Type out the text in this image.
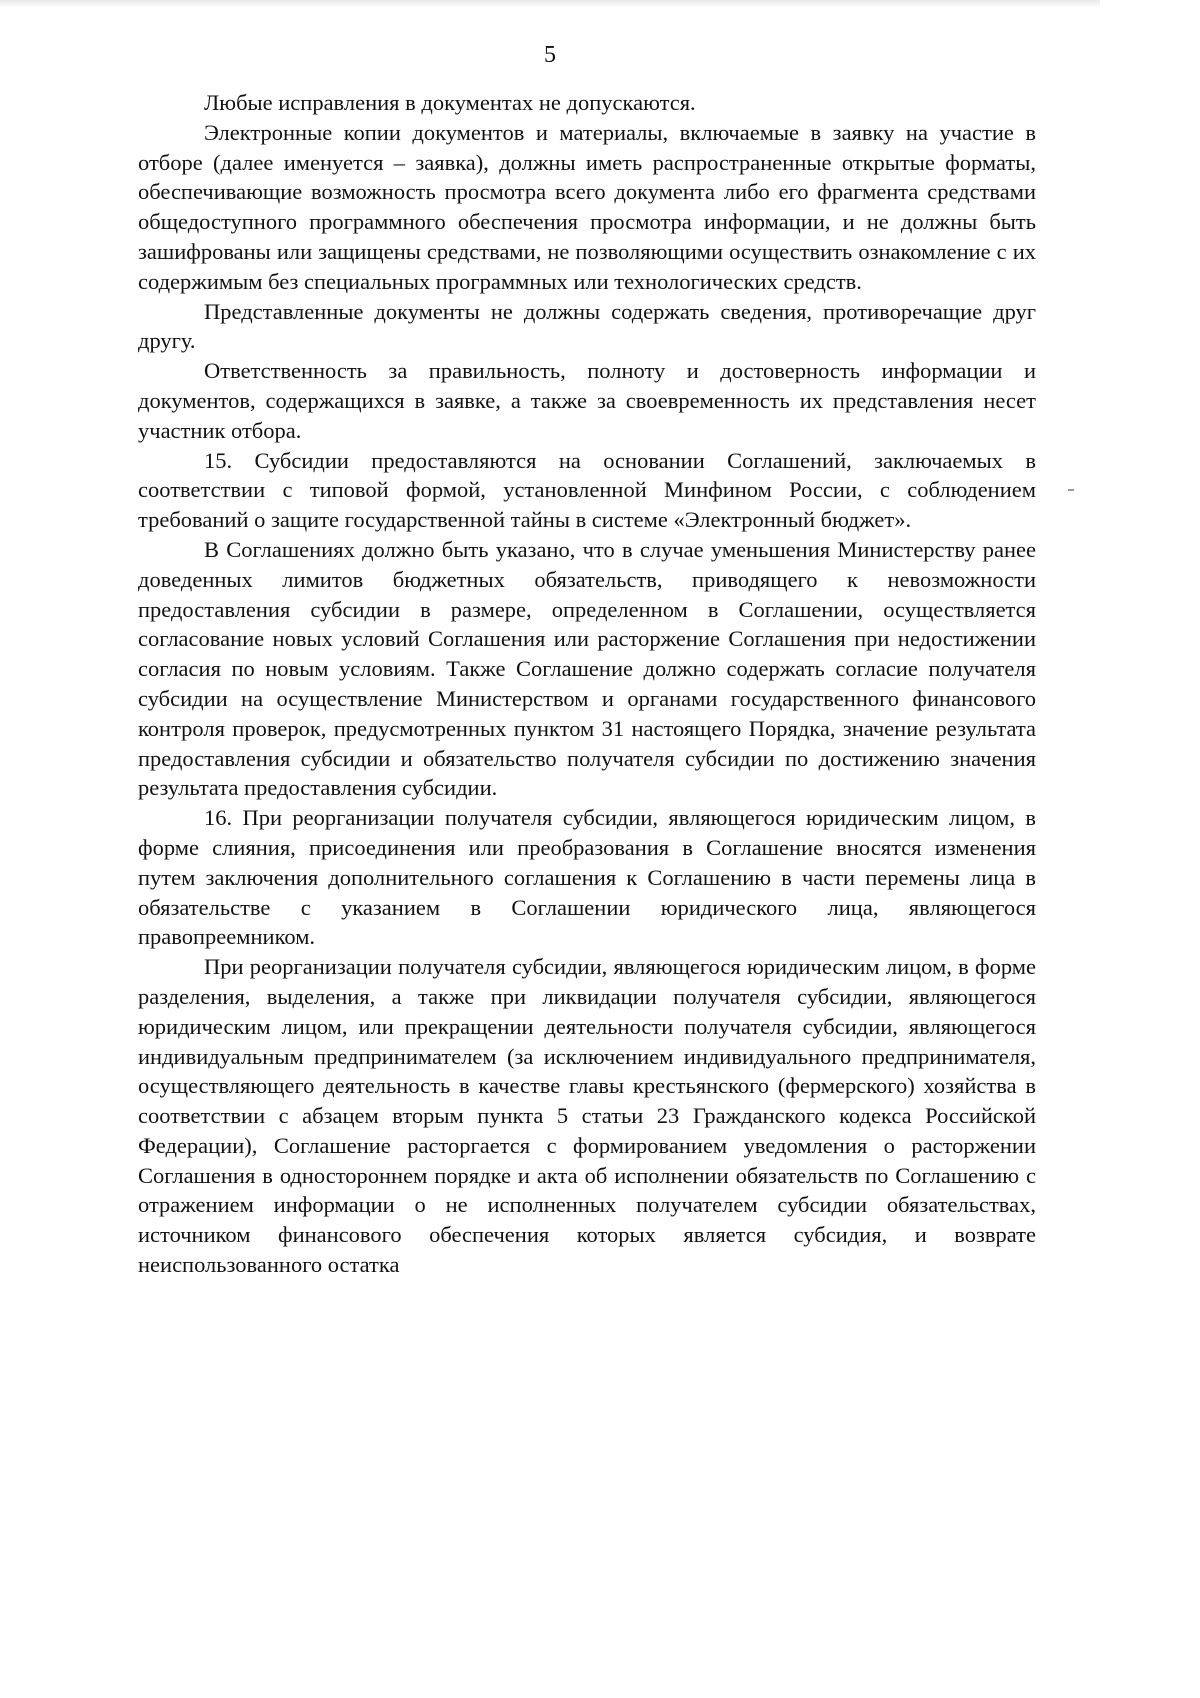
5

Любые исправления в документах не допускаются.

Электронные копии документов и материалы, включаемые в заявку на участие в отборе (далее именуется – заявка), должны иметь распространенные открытые форматы, обеспечивающие возможность просмотра всего документа либо его фрагмента средствами общедоступного программного обеспечения просмотра информации, и не должны быть зашифрованы или защищены средствами, не позволяющими осуществить ознакомление с их содержимым без специальных программных или технологических средств.

Представленные документы не должны содержать сведения, противоречащие друг другу.

Ответственность за правильность, полноту и достоверность информации и документов, содержащихся в заявке, а также за своевременность их представления несет участник отбора.

15. Субсидии предоставляются на основании Соглашений, заключаемых в соответствии с типовой формой, установленной Минфином России, с соблюдением требований о защите государственной тайны в системе «Электронный бюджет».

В Соглашениях должно быть указано, что в случае уменьшения Министерству ранее доведенных лимитов бюджетных обязательств, приводящего к невозможности предоставления субсидии в размере, определенном в Соглашении, осуществляется согласование новых условий Соглашения или расторжение Соглашения при недостижении согласия по новым условиям. Также Соглашение должно содержать согласие получателя субсидии на осуществление Министерством и органами государственного финансового контроля проверок, предусмотренных пунктом 31 настоящего Порядка, значение результата предоставления субсидии и обязательство получателя субсидии по достижению значения результата предоставления субсидии.

16. При реорганизации получателя субсидии, являющегося юридическим лицом, в форме слияния, присоединения или преобразования в Соглашение вносятся изменения путем заключения дополнительного соглашения к Соглашению в части перемены лица в обязательстве с указанием в Соглашении юридического лица, являющегося правопреемником.

При реорганизации получателя субсидии, являющегося юридическим лицом, в форме разделения, выделения, а также при ликвидации получателя субсидии, являющегося юридическим лицом, или прекращении деятельности получателя субсидии, являющегося индивидуальным предпринимателем (за исключением индивидуального предпринимателя, осуществляющего деятельность в качестве главы крестьянского (фермерского) хозяйства в соответствии с абзацем вторым пункта 5 статьи 23 Гражданского кодекса Российской Федерации), Соглашение расторгается с формированием уведомления о расторжении Соглашения в одностороннем порядке и акта об исполнении обязательств по Соглашению с отражением информации о не исполненных получателем субсидии обязательствах, источником финансового обеспечения которых является субсидия, и возврате неиспользованного остатка
